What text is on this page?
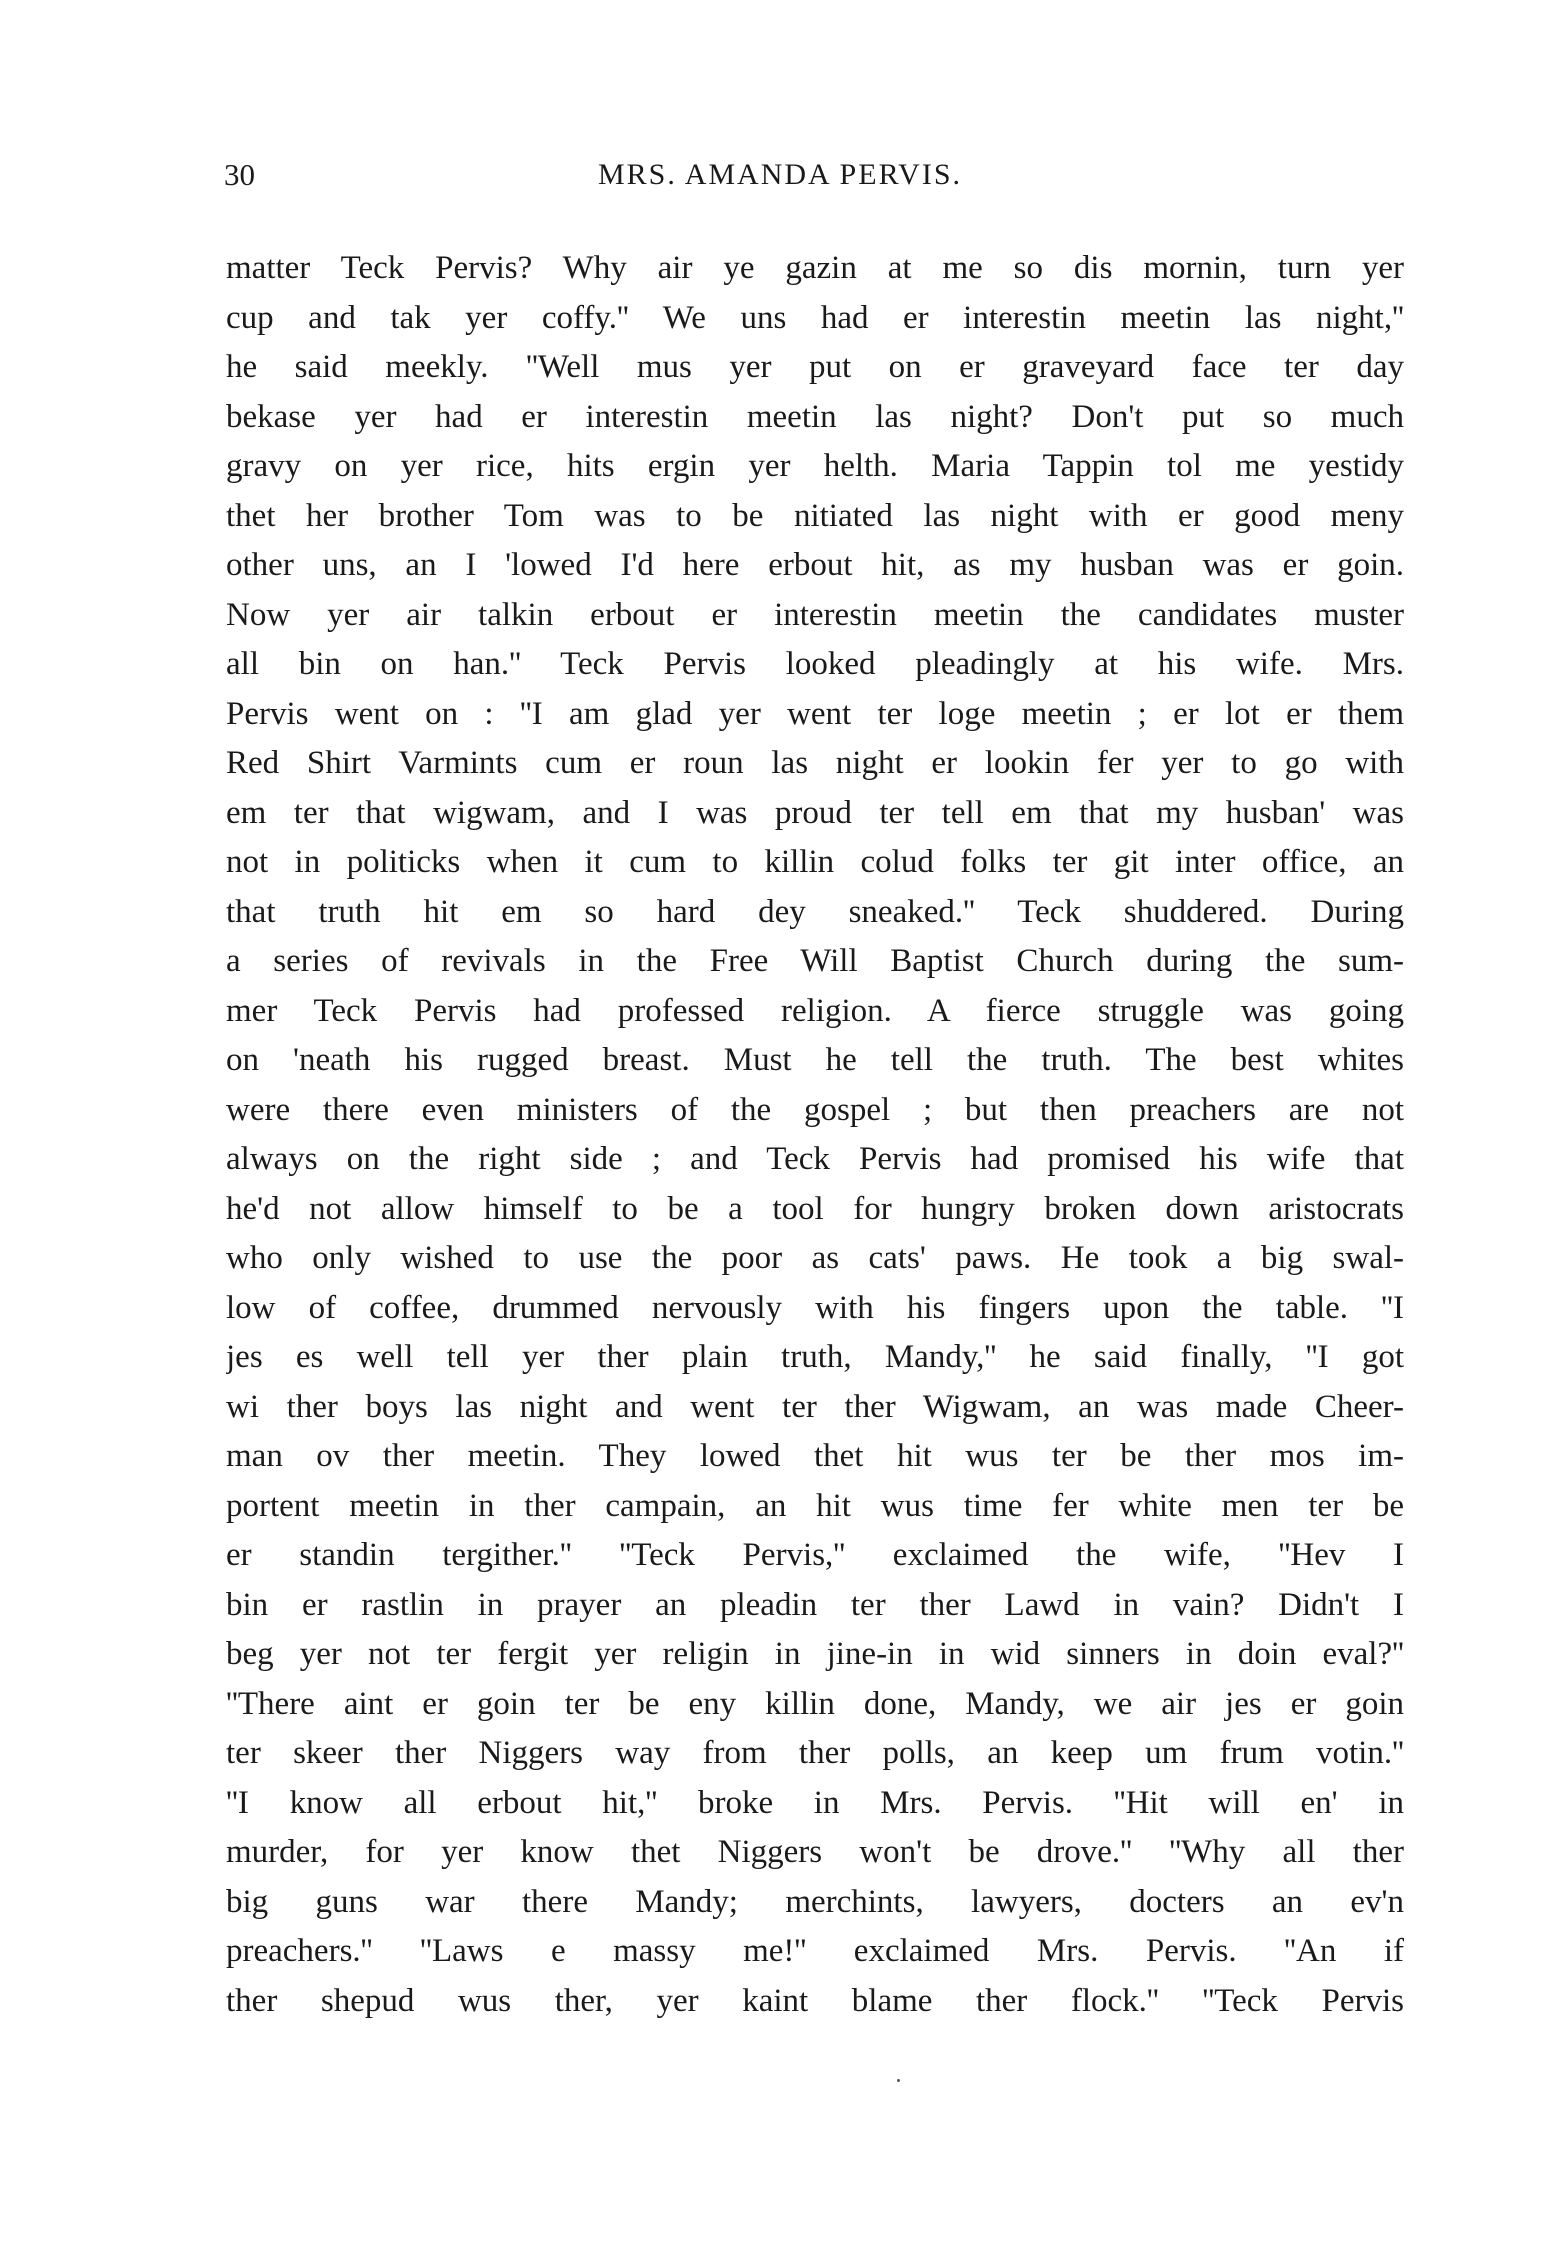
30	MRS. AMANDA PERVIS.
matter Teck Pervis? Why air ye gazin at me so dis mornin, turn yer
cup and tak yer coffy.'' We uns had er interestin meetin las night,''
he said meekly. ''Well mus yer put on er graveyard face ter day
bekase yer had er interestin meetin las night? Don't put so much
gravy on yer rice, hits ergin yer helth. Maria Tappin tol me yestidy
thet her brother Tom was to be nitiated las night with er good meny
other uns, an I 'lowed I'd here erbout hit, as my husban was er goin.
Now yer air talkin erbout er interestin meetin the candidates muster
all bin on han.'' Teck Pervis looked pleadingly at his wife. Mrs.
Pervis went on : ''I am glad yer went ter loge meetin ; er lot er them
Red Shirt Varmints cum er roun las night er lookin fer yer to go with
em ter that wigwam, and I was proud ter tell em that my husban' was
not in politicks when it cum to killin colud folks ter git inter office, an
that truth hit em so hard dey sneaked.'' Teck shuddered. During
a series of revivals in the Free Will Baptist Church during the sum-
mer Teck Pervis had professed religion. A fierce struggle was going
on 'neath his rugged breast. Must he tell the truth. The best whites
were there even ministers of the gospel ; but then preachers are not
always on the right side ; and Teck Pervis had promised his wife that
he'd not allow himself to be a tool for hungry broken down aristocrats
who only wished to use the poor as cats' paws. He took a big swal-
low of coffee, drummed nervously with his fingers upon the table. ''I
jes es well tell yer ther plain truth, Mandy,'' he said finally, ''I got
wi ther boys las night and went ter ther Wigwam, an was made Cheer-
man ov ther meetin. They lowed thet hit wus ter be ther mos im-
portent meetin in ther campain, an hit wus time fer white men ter be
er standin tergither.'' ''Teck Pervis,'' exclaimed the wife, ''Hev I
bin er rastlin in prayer an pleadin ter ther Lawd in vain? Didn't I
beg yer not ter fergit yer religin in jine-in in wid sinners in doin eval?''
''There aint er goin ter be eny killin done, Mandy, we air jes er goin
ter skeer ther Niggers way from ther polls, an keep um frum votin.''
''I know all erbout hit,'' broke in Mrs. Pervis. ''Hit will en' in
murder, for yer know thet Niggers won't be drove.'' ''Why all ther
big guns war there Mandy; merchints, lawyers, docters an ev'n
preachers.'' ''Laws e massy me!'' exclaimed Mrs. Pervis. ''An if
ther shepud wus ther, yer kaint blame ther flock.'' ''Teck Pervis
